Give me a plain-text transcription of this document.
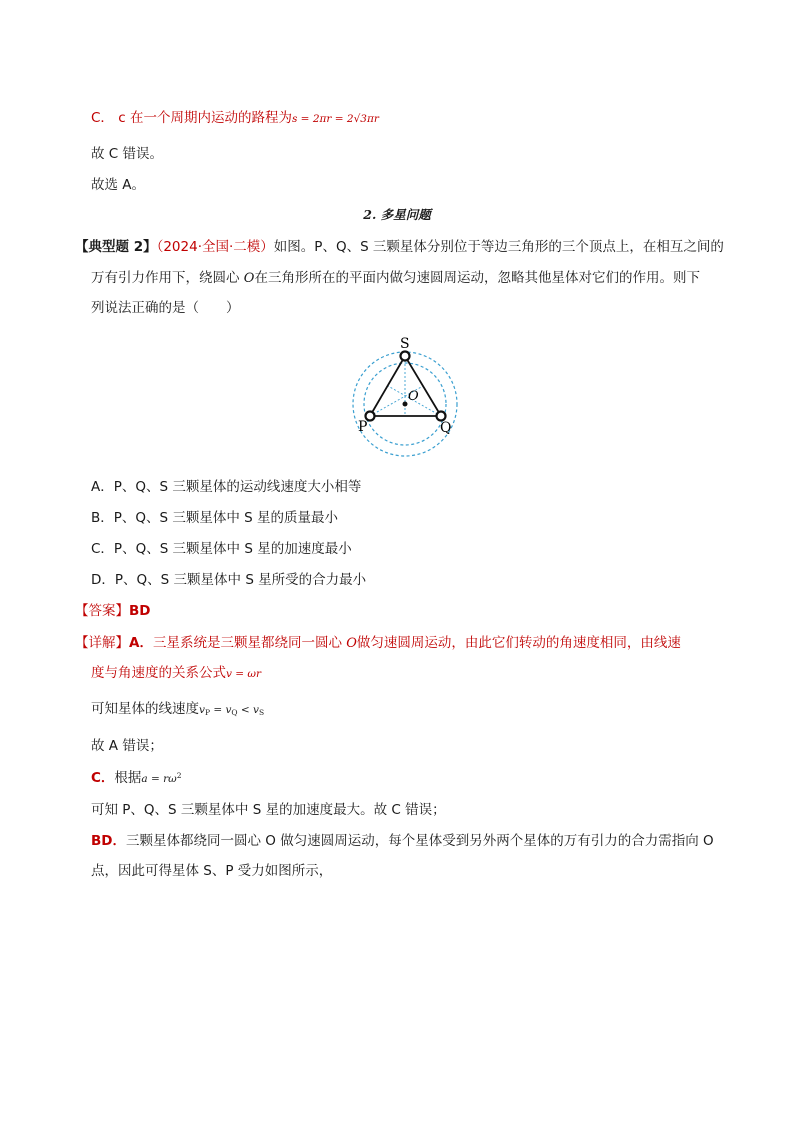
C． c 在一个周期内运动的路程为s = 2πr = 2√3πr
故 C 错误。
故选 A。
2. 多星问题
【典型题 2】（2024·全国·二模）如图。P、Q、S 三颗星体分别位于等边三角形的三个顶点上，在相互之间的
万有引力作用下，绕圆心 O在三角形所在的平面内做匀速圆周运动，忽略其他星体对它们的作用。则下
列说法正确的是（　　）
S
P	Q
O
A．P、Q、S 三颗星体的运动线速度大小相等
B．P、Q、S 三颗星体中 S 星的质量最小
C．P、Q、S 三颗星体中 S 星的加速度最小
D．P、Q、S 三颗星体中 S 星所受的合力最小
【答案】BD
【详解】A．三星系统是三颗星都绕同一圆心 O做匀速圆周运动，由此它们转动的角速度相同，由线速
度与角速度的关系公式v = ωr
可知星体的线速度$v_P = v_Q < v_S$
故 A 错误；
C．根据$a = r\omega^2$
可知 P、Q、S 三颗星体中 S 星的加速度最大。故 C 错误；
BD．三颗星体都绕同一圆心 O 做匀速圆周运动，每个星体受到另外两个星体的万有引力的合力需指向 O
点，因此可得星体 S、P 受力如图所示，
